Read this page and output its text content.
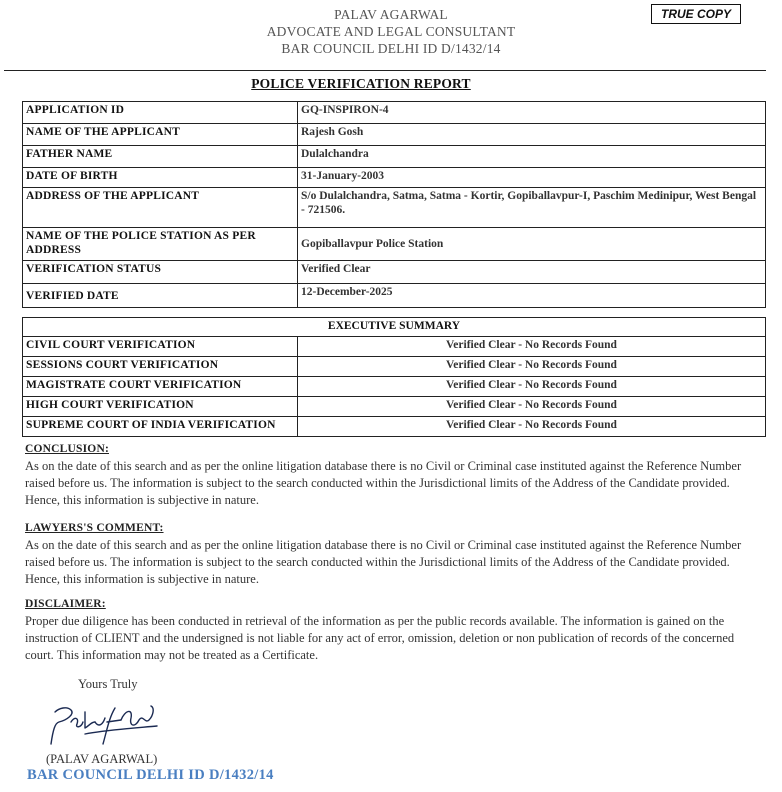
PALAV AGARWAL
ADVOCATE AND LEGAL CONSULTANT
BAR COUNCIL DELHI ID D/1432/14
TRUE COPY
POLICE VERIFICATION REPORT
APPLICATION ID	GQ-INSPIRON-4
NAME OF THE APPLICANT	Rajesh Gosh
FATHER NAME	Dulalchandra
DATE OF BIRTH	31-January-2003
ADDRESS OF THE APPLICANT	S/o Dulalchandra, Satma, Satma - Kortir, Gopiballavpur-I, Paschim Medinipur, West Bengal - 721506.
NAME OF THE POLICE STATION AS PER ADDRESS	Gopiballavpur Police Station
VERIFICATION STATUS	Verified Clear
VERIFIED DATE	12-December-2025
EXECUTIVE SUMMARY	
CIVIL COURT VERIFICATION	Verified Clear - No Records Found
SESSIONS COURT VERIFICATION	Verified Clear - No Records Found
MAGISTRATE COURT VERIFICATION	Verified Clear - No Records Found
HIGH COURT VERIFICATION	Verified Clear - No Records Found
SUPREME COURT OF INDIA VERIFICATION	Verified Clear - No Records Found
CONCLUSION:
As on the date of this search and as per the online litigation database there is no Civil or Criminal case instituted against the Reference Number raised before us. The information is subject to the search conducted within the Jurisdictional limits of the Address of the Candidate provided. Hence, this information is subjective in nature.
LAWYERS'S COMMENT:
As on the date of this search and as per the online litigation database there is no Civil or Criminal case instituted against the Reference Number raised before us. The information is subject to the search conducted within the Jurisdictional limits of the Address of the Candidate provided. Hence, this information is subjective in nature.
DISCLAIMER:
Proper due diligence has been conducted in retrieval of the information as per the public records available. The information is gained on the instruction of CLIENT and the undersigned is not liable for any act of error, omission, deletion or non publication of records of the concerned court. This information may not be treated as a Certificate.
Yours Truly
(PALAV AGARWAL)
BAR COUNCIL DELHI ID D/1432/14
